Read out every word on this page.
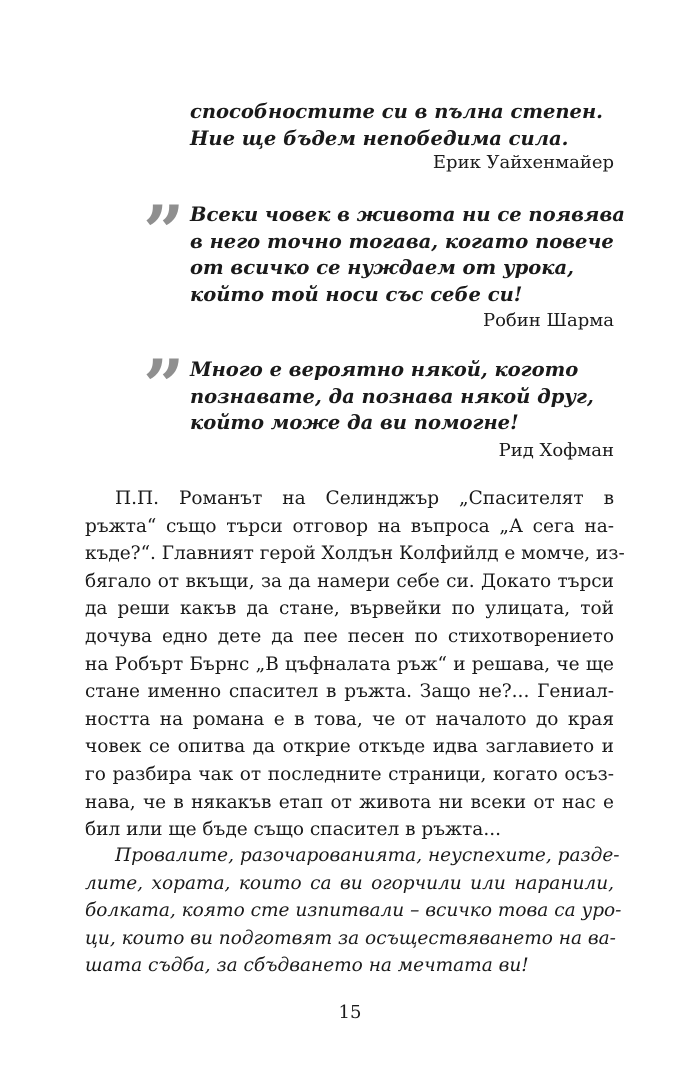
способностите си в пълна степен.
Ние ще бъдем непобедима сила.
Ерик Уайхенмайер
” Всеки човек в живота ни се появява
в него точно тогава, когато повече
от всичко се нуждаем от урока,
който той носи със себе си!
Робин Шарма
” Много е вероятно някой, когото
познавате, да познава някой друг,
който може да ви помогне!
Рид Хофман
П.П. Романът на Селинджър „Спасителят в
ръжта“ също търси отговор на въпроса „А сега на-
къде?“. Главният герой Холдън Колфийлд е момче, из-
бягало от вкъщи, за да намери себе си. Докато търси
да реши какъв да стане, вървейки по улицата, той
дочува едно дете да пее песен по стихотворението
на Робърт Бърнс „В цъфналата ръж“ и решава, че ще
стане именно спасител в ръжта. Защо не?... Гениал-
ността на романа е в това, че от началото до края
човек се опитва да открие откъде идва заглавието и
го разбира чак от последните страници, когато осъз-
нава, че в някакъв етап от живота ни всеки от нас е
бил или ще бъде също спасител в ръжта...
Провалите, разочарованията, неуспехите, разде-
лите, хората, които са ви огорчили или наранили,
болката, която сте изпитвали – всичко това са уро-
ци, които ви подготвят за осъществяването на ва-
шата съдба, за сбъдването на мечтата ви!
15
